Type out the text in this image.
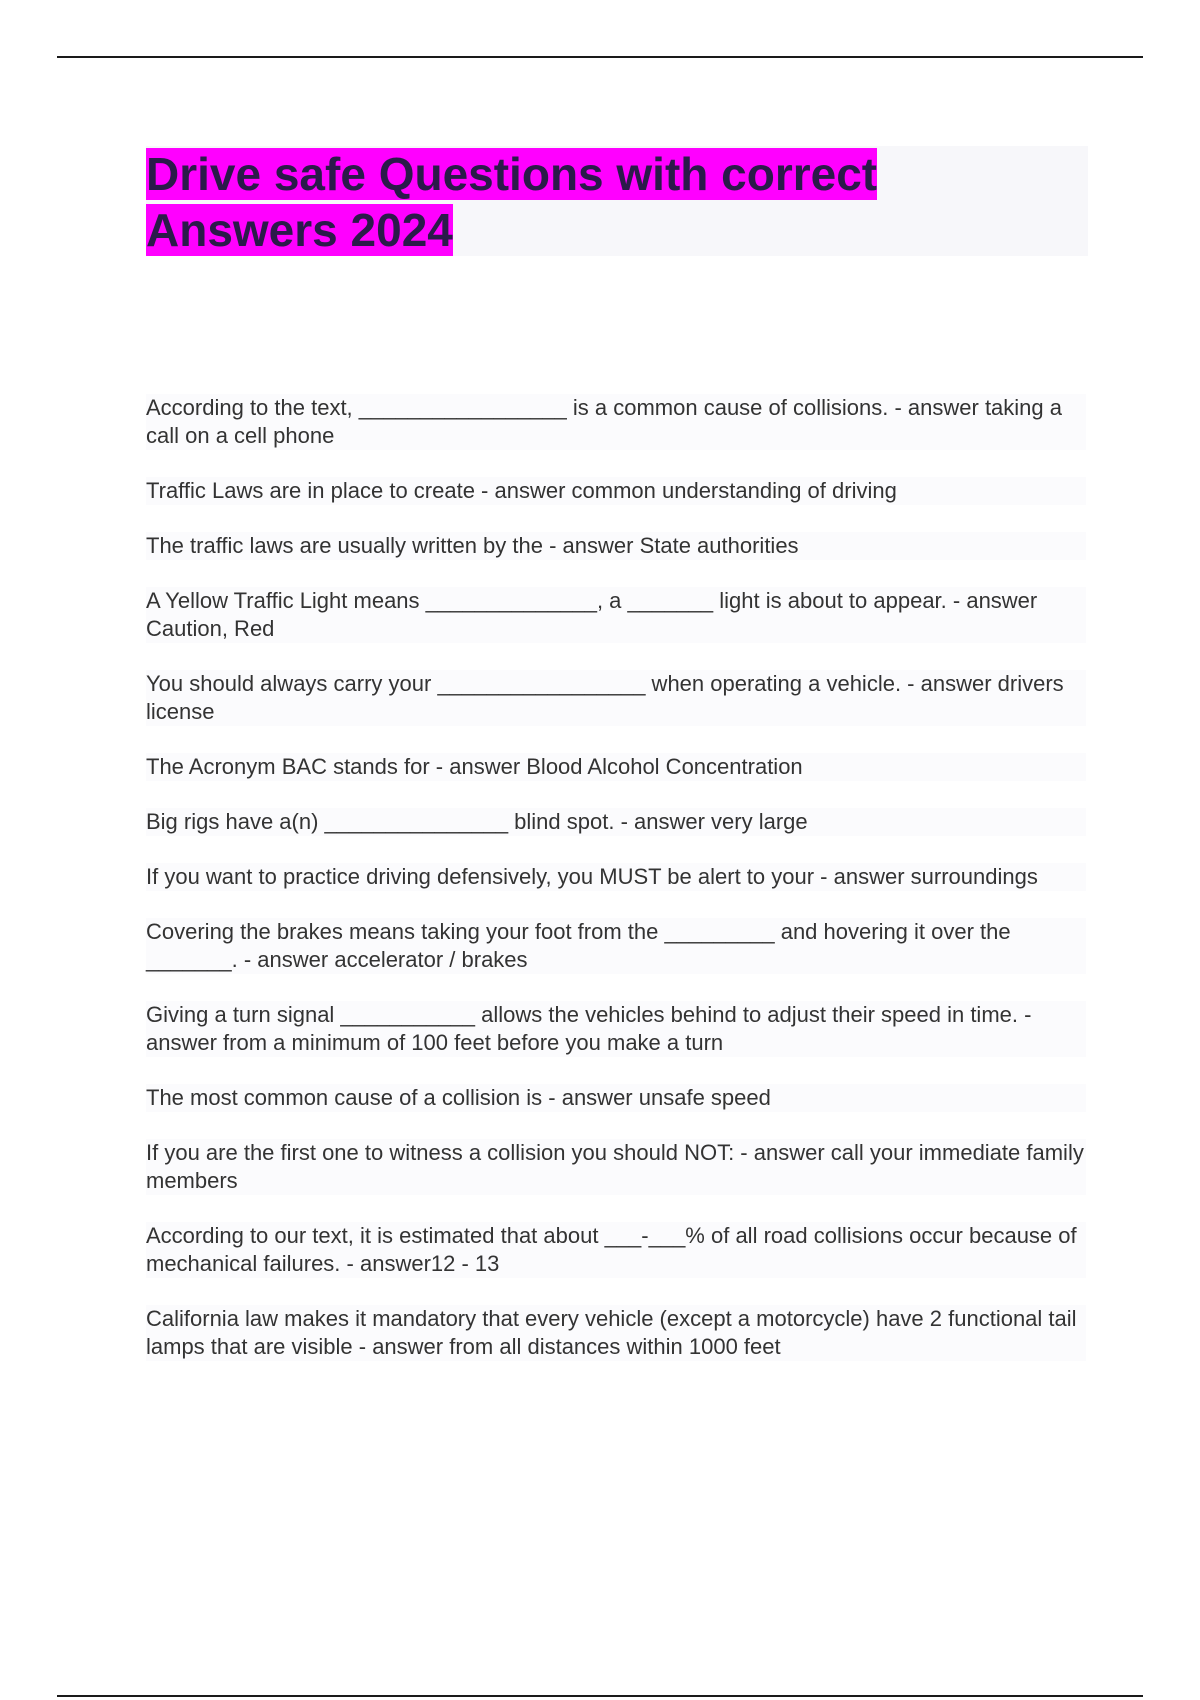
Drive safe Questions with correct
Answers 2024

According to the text, _________________ is a common cause of collisions. - answer taking a call on a cell phone

Traffic Laws are in place to create - answer common understanding of driving

The traffic laws are usually written by the - answer State authorities

A Yellow Traffic Light means ______________, a _______ light is about to appear. - answer Caution, Red

You should always carry your _________________ when operating a vehicle. - answer drivers license

The Acronym BAC stands for - answer Blood Alcohol Concentration

Big rigs have a(n) _______________ blind spot. - answer very large

If you want to practice driving defensively, you MUST be alert to your - answer surroundings

Covering the brakes means taking your foot from the _________ and hovering it over the _______. - answer accelerator / brakes

Giving a turn signal ___________ allows the vehicles behind to adjust their speed in time. - answer from a minimum of 100 feet before you make a turn

The most common cause of a collision is - answer unsafe speed

If you are the first one to witness a collision you should NOT: - answer call your immediate family members

According to our text, it is estimated that about ___-___% of all road collisions occur because of mechanical failures. - answer12 - 13

California law makes it mandatory that every vehicle (except a motorcycle) have 2 functional tail lamps that are visible - answer from all distances within 1000 feet
